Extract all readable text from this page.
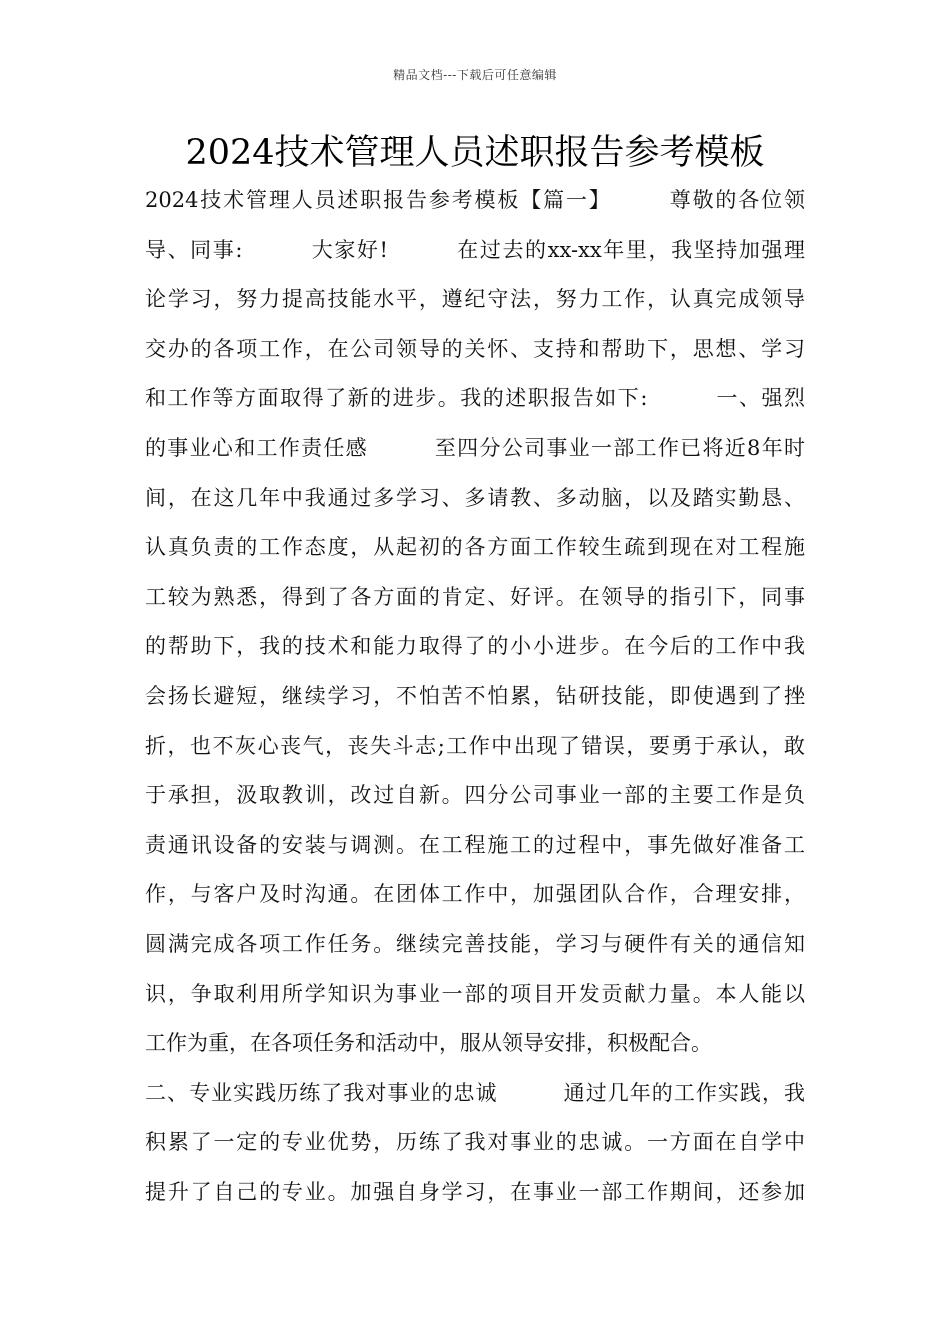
精品文档---下载后可任意编辑
2024技术管理人员述职报告参考模板
2024技术管理人员述职报告参考模板【篇一】　　　尊敬的各位领
导、同事:　　　大家好!　　　在过去的xx-xx年里，我坚持加强理
论学习，努力提高技能水平，遵纪守法，努力工作，认真完成领导
交办的各项工作，在公司领导的关怀、支持和帮助下，思想、学习
和工作等方面取得了新的进步。我的述职报告如下:　　　一、强烈
的事业心和工作责任感　　　至四分公司事业一部工作已将近8年时
间，在这几年中我通过多学习、多请教、多动脑，以及踏实勤恳、
认真负责的工作态度，从起初的各方面工作较生疏到现在对工程施
工较为熟悉，得到了各方面的肯定、好评。在领导的指引下，同事
的帮助下，我的技术和能力取得了的小小进步。在今后的工作中我
会扬长避短，继续学习，不怕苦不怕累，钻研技能，即使遇到了挫
折，也不灰心丧气，丧失斗志;工作中出现了错误，要勇于承认，敢
于承担，汲取教训，改过自新。四分公司事业一部的主要工作是负
责通讯设备的安装与调测。在工程施工的过程中，事先做好准备工
作，与客户及时沟通。在团体工作中，加强团队合作，合理安排，
圆满完成各项工作任务。继续完善技能，学习与硬件有关的通信知
识，争取利用所学知识为事业一部的项目开发贡献力量。本人能以
工作为重，在各项任务和活动中，服从领导安排，积极配合。
二、专业实践历练了我对事业的忠诚　　　通过几年的工作实践，我
积累了一定的专业优势，历练了我对事业的忠诚。一方面在自学中
提升了自己的专业。加强自身学习，在事业一部工作期间，还参加
